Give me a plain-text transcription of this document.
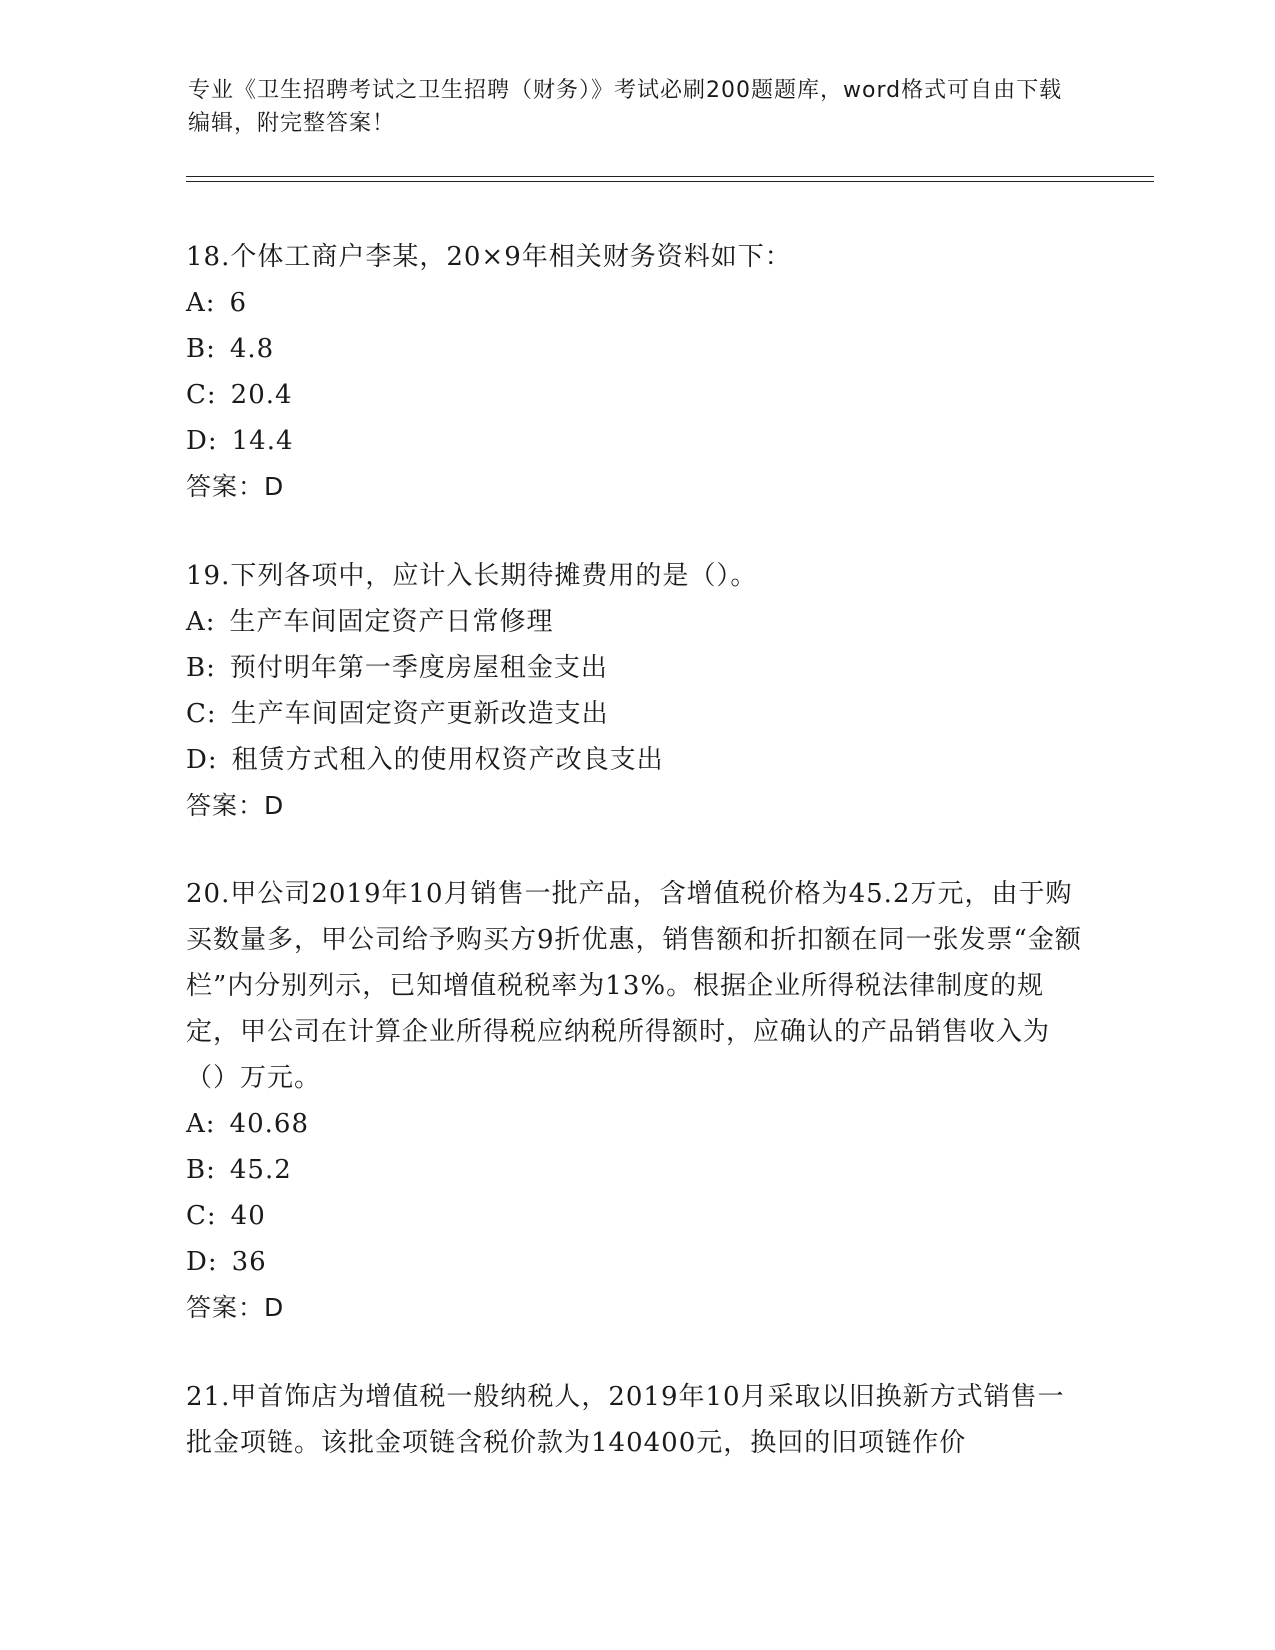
专业《卫生招聘考试之卫生招聘（财务）》考试必刷200题题库，word格式可自由下载编辑，附完整答案！

18.个体工商户李某，20×9年相关财务资料如下：

A: 6

B: 4.8

C: 20.4

D: 14.4

答案：D

19.下列各项中，应计入长期待摊费用的是（）。

A: 生产车间固定资产日常修理

B: 预付明年第一季度房屋租金支出

C: 生产车间固定资产更新改造支出

D: 租赁方式租入的使用权资产改良支出

答案：D

20.甲公司2019年10月销售一批产品，含增值税价格为45.2万元，由于购买数量多，甲公司给予购买方9折优惠，销售额和折扣额在同一张发票“金额栏”内分别列示，已知增值税税率为13%。根据企业所得税法律制度的规定，甲公司在计算企业所得税应纳税所得额时，应确认的产品销售收入为（）万元。

A: 40.68

B: 45.2

C: 40

D: 36

答案：D

21.甲首饰店为增值税一般纳税人，2019年10月采取以旧换新方式销售一批金项链。该批金项链含税价款为140400元，换回的旧项链作价
